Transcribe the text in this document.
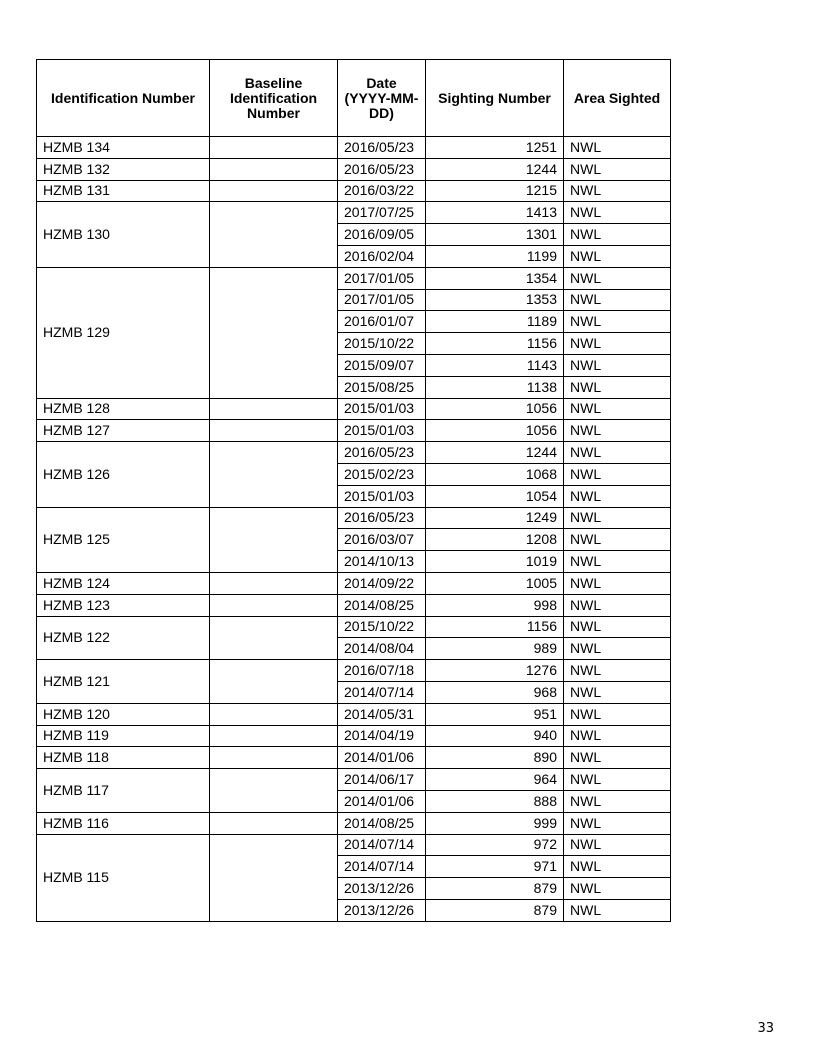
Identification Number	Baseline Identification Number	Date (YYYY-MM-DD)	Sighting Number	Area Sighted
HZMB 134		2016/05/23	1251	NWL
HZMB 132		2016/05/23	1244	NWL
HZMB 131		2016/03/22	1215	NWL
HZMB 130		2017/07/25	1413	NWL
		2016/09/05	1301	NWL
		2016/02/04	1199	NWL
HZMB 129		2017/01/05	1354	NWL
		2017/01/05	1353	NWL
		2016/01/07	1189	NWL
		2015/10/22	1156	NWL
		2015/09/07	1143	NWL
		2015/08/25	1138	NWL
HZMB 128		2015/01/03	1056	NWL
HZMB 127		2015/01/03	1056	NWL
HZMB 126		2016/05/23	1244	NWL
		2015/02/23	1068	NWL
		2015/01/03	1054	NWL
HZMB 125		2016/05/23	1249	NWL
		2016/03/07	1208	NWL
		2014/10/13	1019	NWL
HZMB 124		2014/09/22	1005	NWL
HZMB 123		2014/08/25	998	NWL
HZMB 122		2015/10/22	1156	NWL
		2014/08/04	989	NWL
HZMB 121		2016/07/18	1276	NWL
		2014/07/14	968	NWL
HZMB 120		2014/05/31	951	NWL
HZMB 119		2014/04/19	940	NWL
HZMB 118		2014/01/06	890	NWL
HZMB 117		2014/06/17	964	NWL
		2014/01/06	888	NWL
HZMB 116		2014/08/25	999	NWL
HZMB 115		2014/07/14	972	NWL
		2014/07/14	971	NWL
		2013/12/26	879	NWL
		2013/12/26	879	NWL
33
